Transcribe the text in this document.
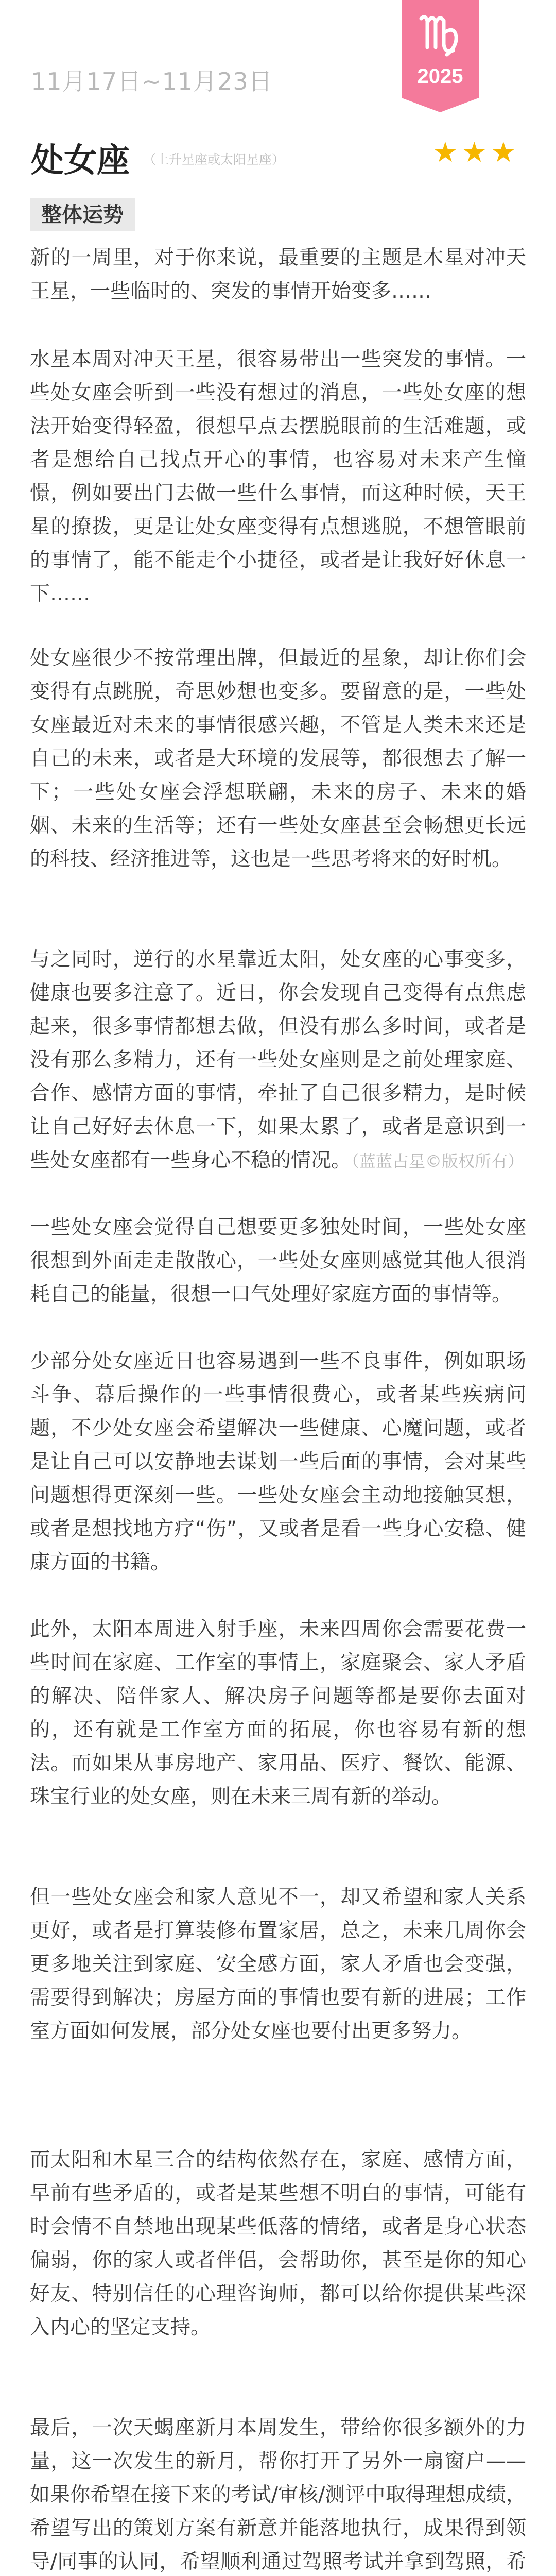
11月17日~11月23日	2025
处女座 （上升星座或太阳星座）	★★★
整体运势

新的一周里，对于你来说，最重要的主题是木星对冲天王星，一些临时的、突发的事情开始变多……

水星本周对冲天王星，很容易带出一些突发的事情。一些处女座会听到一些没有想过的消息，一些处女座的想法开始变得轻盈，很想早点去摆脱眼前的生活难题，或者是想给自己找点开心的事情，也容易对未来产生憧憬，例如要出门去做一些什么事情，而这种时候，天王星的撩拨，更是让处女座变得有点想逃脱，不想管眼前的事情了，能不能走个小捷径，或者是让我好好休息一下……

处女座很少不按常理出牌，但最近的星象，却让你们会变得有点跳脱，奇思妙想也变多。要留意的是，一些处女座最近对未来的事情很感兴趣，不管是人类未来还是自己的未来，或者是大环境的发展等，都很想去了解一下；一些处女座会浮想联翩，未来的房子、未来的婚姻、未来的生活等；还有一些处女座甚至会畅想更长远的科技、经济推进等，这也是一些思考将来的好时机。

与之同时，逆行的水星靠近太阳，处女座的心事变多，健康也要多注意了。近日，你会发现自己变得有点焦虑起来，很多事情都想去做，但没有那么多时间，或者是没有那么多精力，还有一些处女座则是之前处理家庭、合作、感情方面的事情，牵扯了自己很多精力，是时候让自己好好去休息一下，如果太累了，或者是意识到一些处女座都有一些身心不稳的情况。（蓝蓝占星©版权所有）

一些处女座会觉得自己想要更多独处时间，一些处女座很想到外面走走散散心，一些处女座则感觉其他人很消耗自己的能量，很想一口气处理好家庭方面的事情等。

少部分处女座近日也容易遇到一些不良事件，例如职场斗争、幕后操作的一些事情很费心，或者某些疾病问题，不少处女座会希望解决一些健康、心魔问题，或者是让自己可以安静地去谋划一些后面的事情，会对某些问题想得更深刻一些。一些处女座会主动地接触冥想，或者是想找地方疗“伤”，又或者是看一些身心安稳、健康方面的书籍。

此外，太阳本周进入射手座，未来四周你会需要花费一些时间在家庭、工作室的事情上，家庭聚会、家人矛盾的解决、陪伴家人、解决房子问题等都是要你去面对的，还有就是工作室方面的拓展，你也容易有新的想法。而如果从事房地产、家用品、医疗、餐饮、能源、珠宝行业的处女座，则在未来三周有新的举动。

但一些处女座会和家人意见不一，却又希望和家人关系更好，或者是打算装修布置家居，总之，未来几周你会更多地关注到家庭、安全感方面，家人矛盾也会变强，需要得到解决；房屋方面的事情也要有新的进展；工作室方面如何发展，部分处女座也要付出更多努力。

而太阳和木星三合的结构依然存在，家庭、感情方面，早前有些矛盾的，或者是某些想不明白的事情，可能有时会情不自禁地出现某些低落的情绪，或者是身心状态偏弱，你的家人或者伴侣，会帮助你，甚至是你的知心好友、特别信任的心理咨询师，都可以给你提供某些深入内心的坚定支持。

最后，一次天蝎座新月本周发生，带给你很多额外的力量，这一次发生的新月，帮你打开了另外一扇窗户——如果你希望在接下来的考试/审核/测评中取得理想成绩，希望写出的策划方案有新意并能落地执行，成果得到领导/同事的认同，希望顺利通过驾照考试并拿到驾照，希
